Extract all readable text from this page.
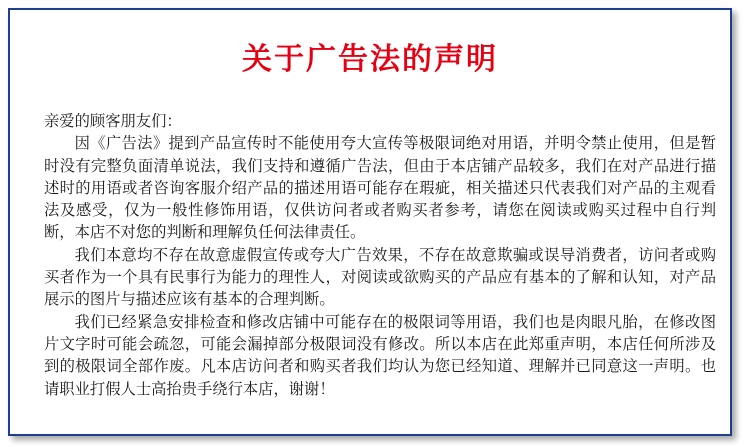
关于广告法的声明

亲爱的顾客朋友们：

因《广告法》提到产品宣传时不能使用夸大宣传等极限词绝对用语，并明令禁止使用，但是暂时没有完整负面清单说法，我们支持和遵循广告法，但由于本店铺产品较多，我们在对产品进行描述时的用语或者咨询客服介绍产品的描述用语可能存在瑕疵，相关描述只代表我们对产品的主观看法及感受，仅为一般性修饰用语，仅供访问者或者购买者参考，请您在阅读或购买过程中自行判断，本店不对您的判断和理解负任何法律责任。

我们本意均不存在故意虚假宣传或夸大广告效果，不存在故意欺骗或误导消费者，访问者或购买者作为一个具有民事行为能力的理性人，对阅读或欲购买的产品应有基本的了解和认知，对产品展示的图片与描述应该有基本的合理判断。

我们已经紧急安排检查和修改店铺中可能存在的极限词等用语，我们也是肉眼凡胎，在修改图片文字时可能会疏忽，可能会漏掉部分极限词没有修改。所以本店在此郑重声明，本店任何所涉及到的极限词全部作废。凡本店访问者和购买者我们均认为您已经知道、理解并已同意这一声明。也请职业打假人士高抬贵手绕行本店，谢谢！
